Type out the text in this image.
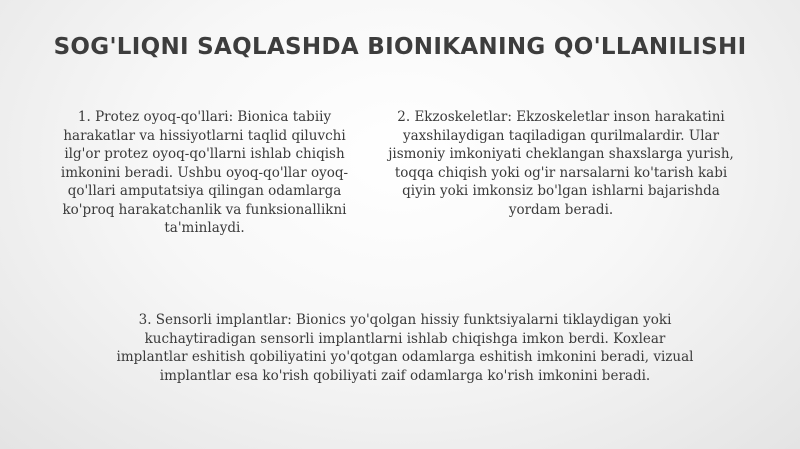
SOG'LIQNI SAQLASHDA BIONIKANING QO'LLANILISHI

1. Protez oyoq-qo'llari: Bionica tabiiy harakatlar va hissiyotlarni taqlid qiluvchi ilg'or protez oyoq-qo'llarni ishlab chiqish imkonini beradi. Ushbu oyoq-qo'llar oyoq-qo'llari amputatsiya qilingan odamlarga ko'proq harakatchanlik va funksionallikni ta'minlaydi.

2. Ekzoskeletlar: Ekzoskeletlar inson harakatini yaxshilaydigan taqiladigan qurilmalardir. Ular jismoniy imkoniyati cheklangan shaxslarga yurish, toqqa chiqish yoki og'ir narsalarni ko'tarish kabi qiyin yoki imkonsiz bo'lgan ishlarni bajarishda yordam beradi.

3. Sensorli implantlar: Bionics yo'qolgan hissiy funktsiyalarni tiklaydigan yoki kuchaytiradigan sensorli implantlarni ishlab chiqishga imkon berdi. Koxlear implantlar eshitish qobiliyatini yo'qotgan odamlarga eshitish imkonini beradi, vizual implantlar esa ko'rish qobiliyati zaif odamlarga ko'rish imkonini beradi.
